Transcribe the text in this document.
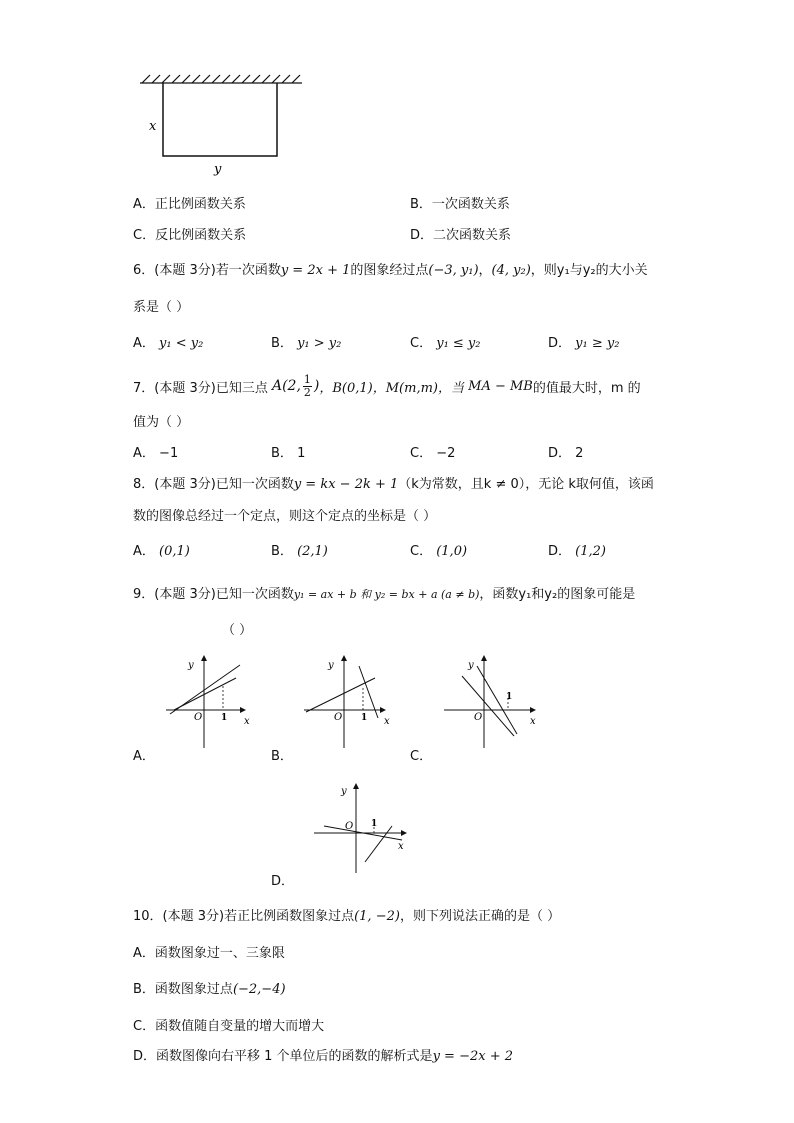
x
y
A．正比例函数关系	B．一次函数关系
C．反比例函数关系	D．二次函数关系
6．(本题 3分)若一次函数y = 2x + 1的图象经过点(−3, y₁)，(4, y₂)，则y₁与y₂的大小关
系是（ ）
A． y₁ < y₂	B． y₁ > y₂	C． y₁ ≤ y₂	D． y₁ ≥ y₂
7．(本题 3分)已知三点
A(2, 1
2 ) ，B(0,1)，M(m,m)，当
MA − MB 的值最大时，m 的
值为（ ）
A． −1	B． 1	C． −2	D． 2
8．(本题 3分)已知一次函数y = kx − 2k + 1（k为常数，且k ≠ 0），无论 k取何值，该函
数的图像总经过一个定点，则这个定点的坐标是（ ）
A． (0,1)	B． (2,1)	C． (1,0)	D． (1,2)
9．(本题 3分)已知一次函数y₁ = ax + b 和 y₂ = bx + a (a ≠ b)，函数y₁和y₂的图象可能是
（ ）
y
O 1 x
A．
y
O 1 x
B．
y
O
1
x
C．
y
O 1
x
D．
10．(本题 3分)若正比例函数图象过点(1, −2)，则下列说法正确的是（ ）
A．函数图象过一、三象限
B．函数图象过点(−2,−4)
C．函数值随自变量的增大而增大
D．函数图像向右平移 1 个单位后的函数的解析式是y = −2x + 2
